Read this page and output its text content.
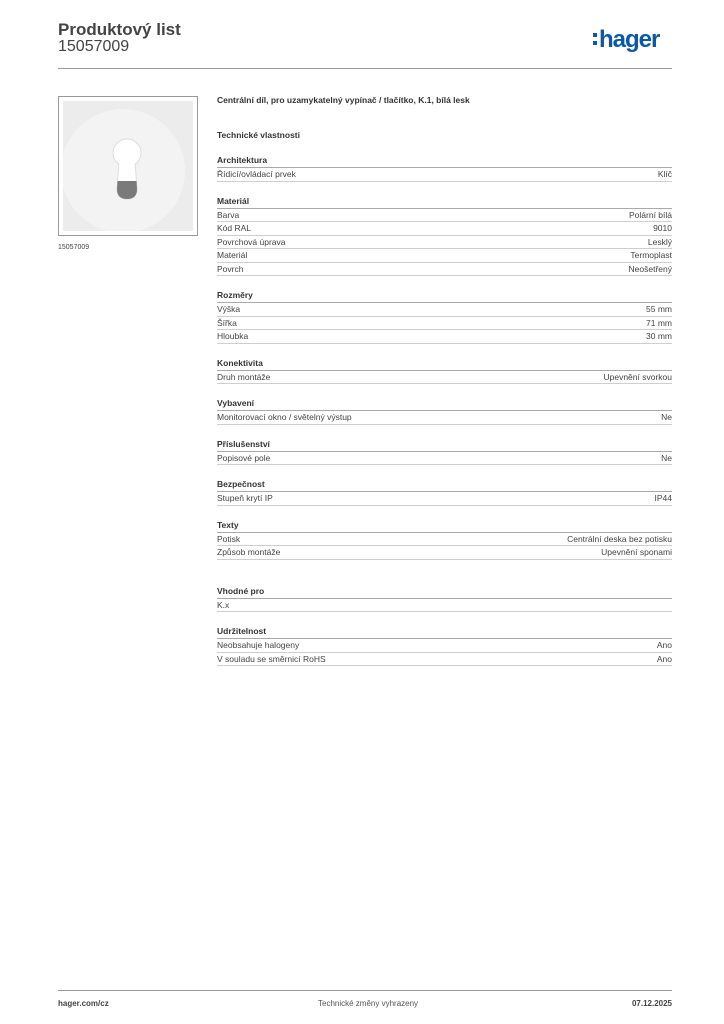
Produktový list
15057009	hager
15057009
Centrální díl, pro uzamykatelný vypínač / tlačítko, K.1, bílá lesk
Technické vlastnosti
Architektura
Řídicí/ovládací prvek	Klíč
Materiál
Barva	Polární bílá
Kód RAL	9010
Povrchová úprava	Lesklý
Materiál	Termoplast
Povrch	Neošetřený
Rozměry
Výška	55 mm
Šířka	71 mm
Hloubka	30 mm
Konektivita
Druh montáže	Upevnění svorkou
Vybavení
Monitorovací okno / světelný výstup	Ne
Příslušenství
Popisové pole	Ne
Bezpečnost
Stupeň krytí IP	IP44
Texty
Potisk	Centrální deska bez potisku
Způsob montáže	Upevnění sponami
Vhodné pro
K.x
Udržitelnost
Neobsahuje halogeny	Ano
V souladu se směrnicí RoHS	Ano
hager.com/cz	Technické změny vyhrazeny	07.12.2025
